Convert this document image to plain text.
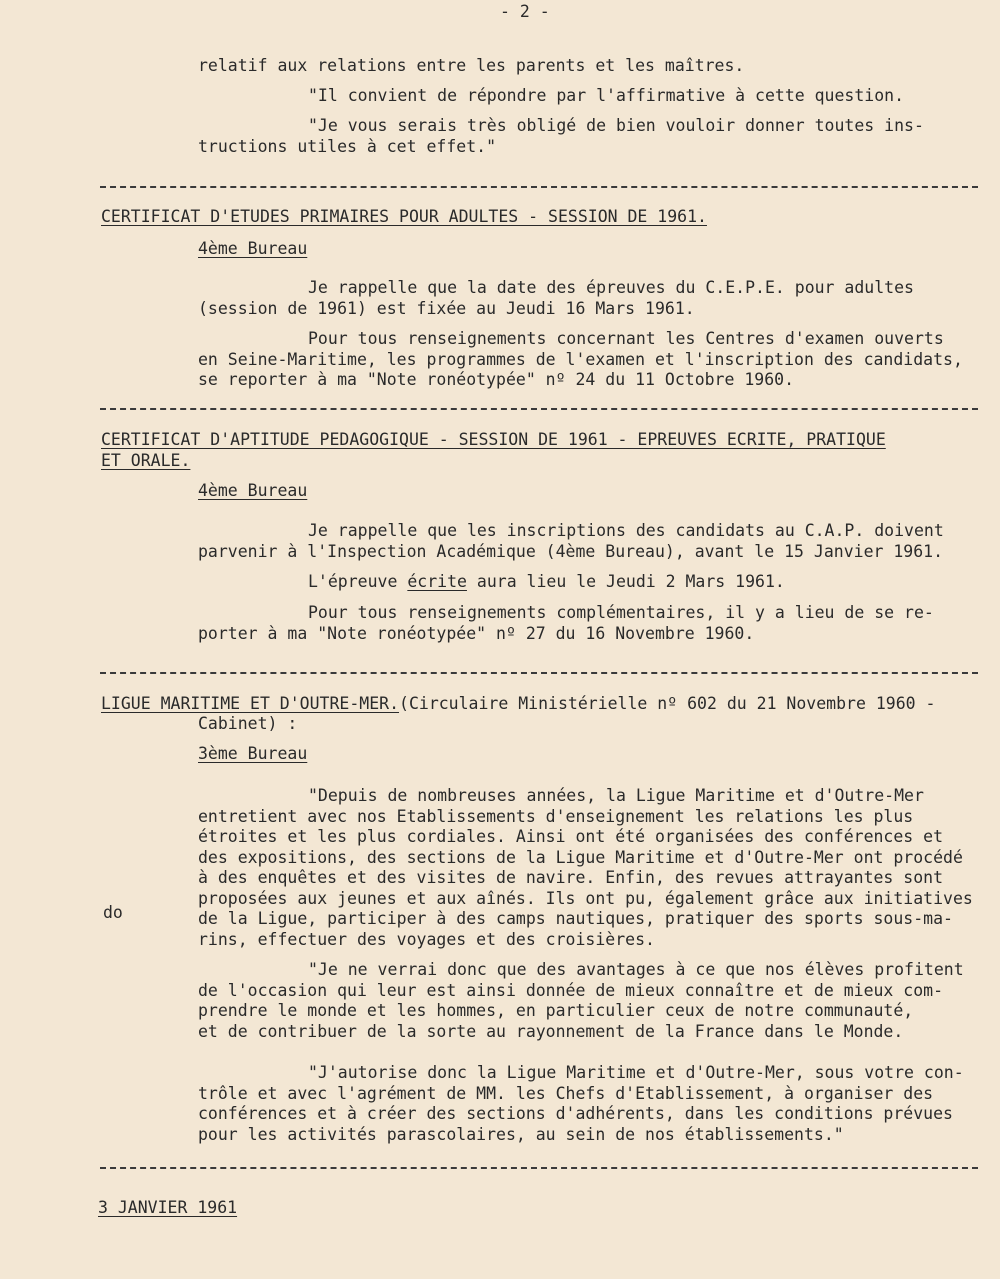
- 2 -
relatif aux relations entre les parents et les maîtres.
"Il convient de répondre par l'affirmative à cette question.
"Je vous serais très obligé de bien vouloir donner toutes ins-
tructions utiles à cet effet."
CERTIFICAT D'ETUDES PRIMAIRES POUR ADULTES - SESSION DE 1961.
4ème Bureau
Je rappelle que la date des épreuves du C.E.P.E. pour adultes
(session de 1961) est fixée au Jeudi 16 Mars 1961.
Pour tous renseignements concernant les Centres d'examen ouverts
en Seine-Maritime, les programmes de l'examen et l'inscription des candidats,
se reporter à ma "Note ronéotypée" nº 24 du 11 Octobre 1960.
CERTIFICAT D'APTITUDE PEDAGOGIQUE - SESSION DE 1961 - EPREUVES ECRITE, PRATIQUE
ET ORALE.
4ème Bureau
Je rappelle que les inscriptions des candidats au C.A.P. doivent
parvenir à l'Inspection Académique (4ème Bureau), avant le 15 Janvier 1961.
L'épreuve écrite aura lieu le Jeudi 2 Mars 1961.
Pour tous renseignements complémentaires, il y a lieu de se re-
porter à ma "Note ronéotypée" nº 27 du 16 Novembre 1960.
LIGUE MARITIME ET D'OUTRE-MER.(Circulaire Ministérielle nº 602 du 21 Novembre 1960 -
Cabinet) :
3ème Bureau
"Depuis de nombreuses années, la Ligue Maritime et d'Outre-Mer
entretient avec nos Etablissements d'enseignement les relations les plus
étroites et les plus cordiales. Ainsi ont été organisées des conférences et
des expositions, des sections de la Ligue Maritime et d'Outre-Mer ont procédé
à des enquêtes et des visites de navire. Enfin, des revues attrayantes sont
proposées aux jeunes et aux aînés. Ils ont pu, également grâce aux initiatives
de la Ligue, participer à des camps nautiques, pratiquer des sports sous-ma-
rins, effectuer des voyages et des croisières.
do
"Je ne verrai donc que des avantages à ce que nos élèves profitent
de l'occasion qui leur est ainsi donnée de mieux connaître et de mieux com-
prendre le monde et les hommes, en particulier ceux de notre communauté,
et de contribuer de la sorte au rayonnement de la France dans le Monde.
"J'autorise donc la Ligue Maritime et d'Outre-Mer, sous votre con-
trôle et avec l'agrément de MM. les Chefs d'Etablissement, à organiser des
conférences et à créer des sections d'adhérents, dans les conditions prévues
pour les activités parascolaires, au sein de nos établissements."
3 JANVIER 1961
